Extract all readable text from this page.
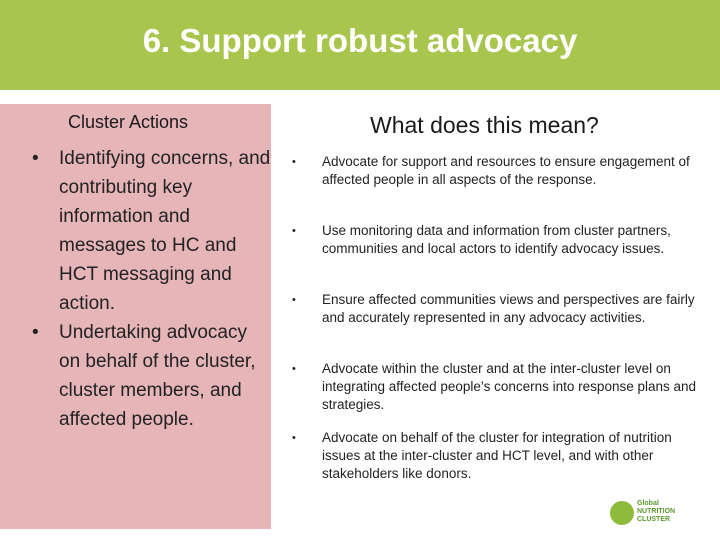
6. Support robust advocacy
Cluster Actions
• Identifying concerns, and contributing key information and messages to HC and HCT messaging and action.
• Undertaking advocacy on behalf of the cluster, cluster members, and affected people.
What does this mean?
• Advocate for support and resources to ensure engagement of affected people in all aspects of the response.
• Use monitoring data and information from cluster partners, communities and local actors to identify advocacy issues.
• Ensure affected communities views and perspectives are fairly and accurately represented in any advocacy activities.
• Advocate within the cluster and at the inter-cluster level on integrating affected people’s concerns into response plans and strategies.
• Advocate on behalf of the cluster for integration of nutrition issues at the inter-cluster and HCT level, and with other stakeholders like donors.
Global
NUTRITION
CLUSTER
